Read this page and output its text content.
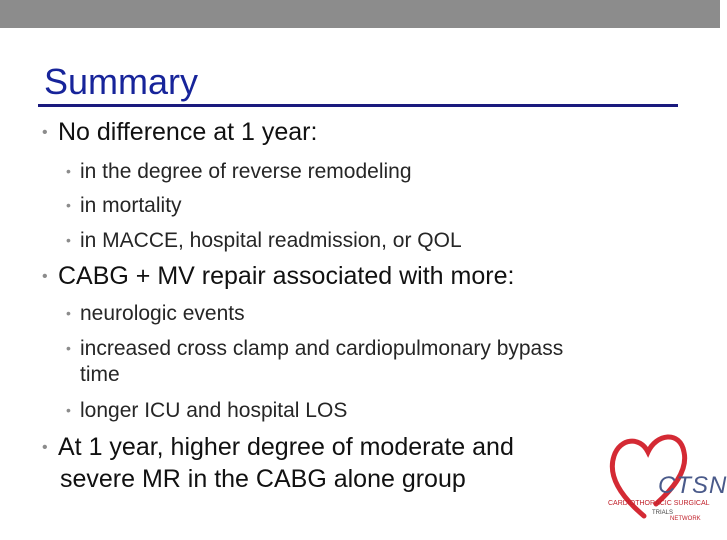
Summary
• No difference at 1 year:
• in the degree of reverse remodeling
• in mortality
• in MACCE, hospital readmission, or QOL
• CABG + MV repair associated with more:
• neurologic events
• increased cross clamp and cardiopulmonary bypass
time
• longer ICU and hospital LOS
• At 1 year, higher degree of moderate and
severe MR in the CABG alone group	CTSN
CARDIOTHORACIC SURGICAL
TRIALS
NETWORK
